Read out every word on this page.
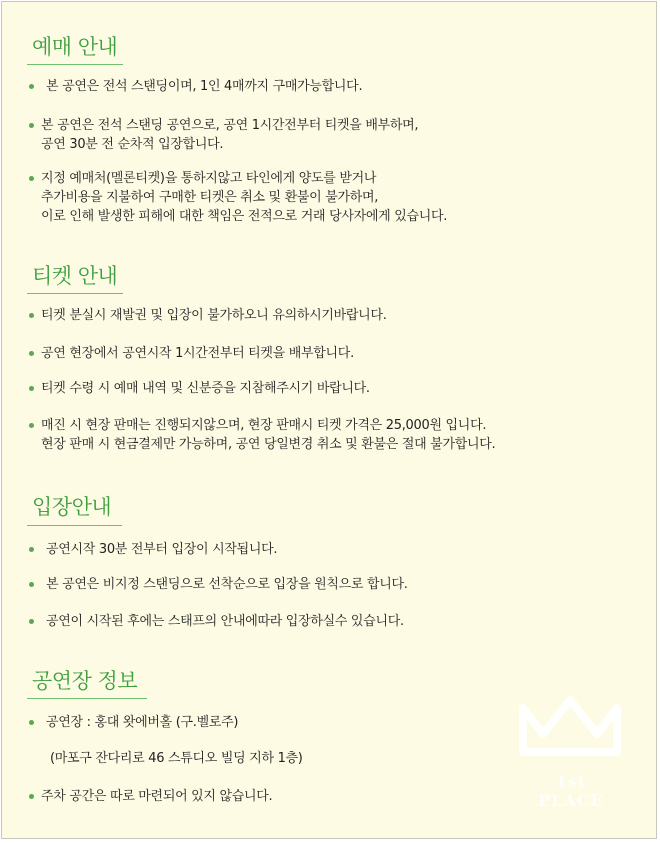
예매 안내
본 공연은 전석 스탠딩이며, 1인 4매까지 구매가능합니다.
본 공연은 전석 스탠딩 공연으로, 공연 1시간전부터 티켓을 배부하며,
공연 30분 전 순차적 입장합니다.
지정 예매처(멜론티켓)을 통하지않고 타인에게 양도를 받거나
추가비용을 지불하여 구매한 티켓은 취소 및 환불이 불가하며,
이로 인해 발생한 피해에 대한 책임은 전적으로 거래 당사자에게 있습니다.
티켓 안내
티켓 분실시 재발권 및 입장이 불가하오니 유의하시기바랍니다.
공연 현장에서 공연시작 1시간전부터 티켓을 배부합니다.
티켓 수령 시 예매 내역 및 신분증을 지참해주시기 바랍니다.
매진 시 현장 판매는 진행되지않으며, 현장 판매시 티켓 가격은 25,000원 입니다.
현장 판매 시 현금결제만 가능하며, 공연 당일변경 취소 및 환불은 절대 불가합니다.
입장안내
공연시작 30분 전부터 입장이 시작됩니다.
본 공연은 비지정 스탠딩으로 선착순으로 입장을 원칙으로 합니다.
공연이 시작된 후에는 스태프의 안내에따라 입장하실수 있습니다.
공연장 정보
공연장 : 홍대 왓에버홀 (구.벨로주)
(마포구 잔다리로 46 스튜디오 빌딩 지하 1층)
주차 공간은 따로 마련되어 있지 않습니다.
1st PLACE
